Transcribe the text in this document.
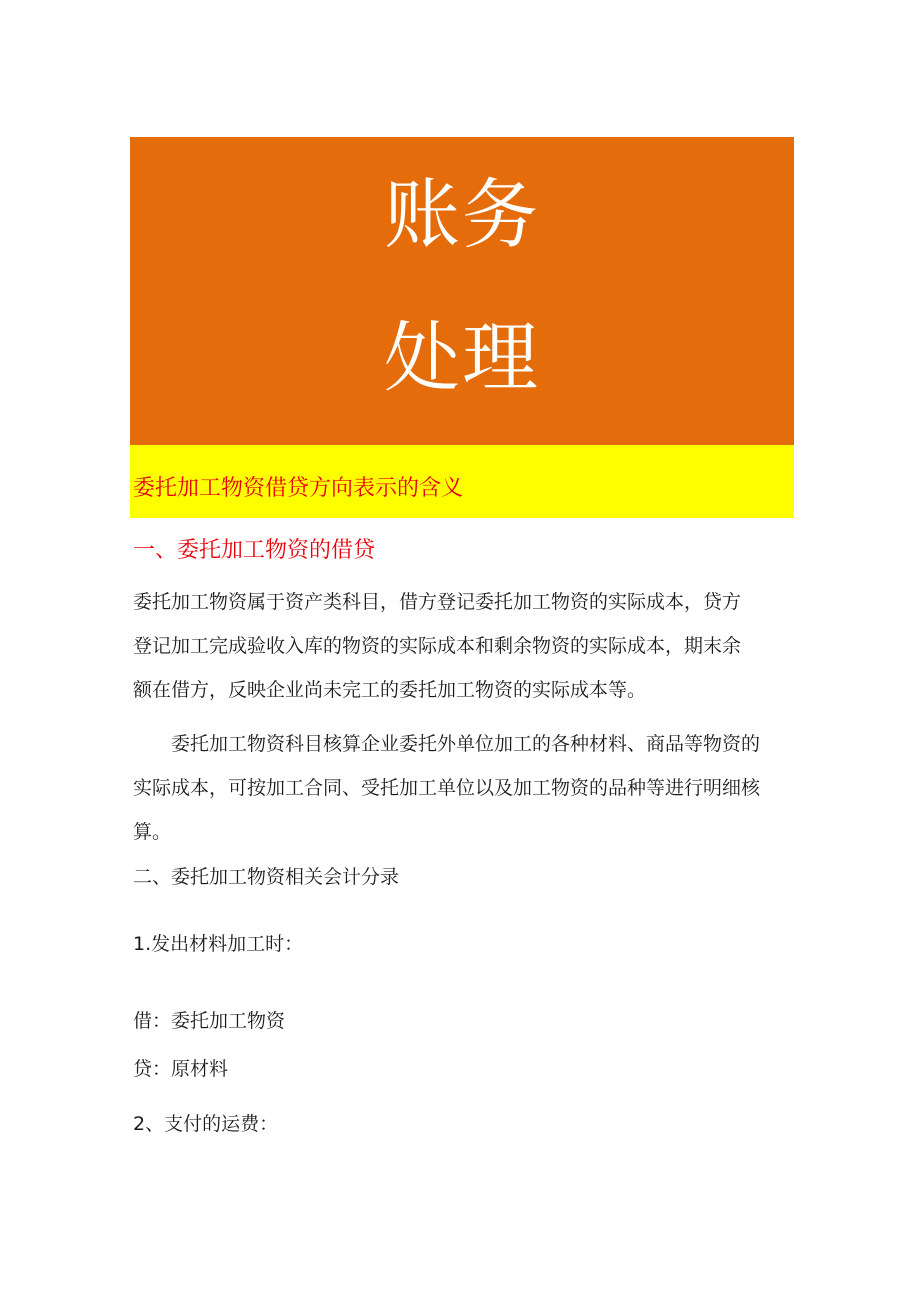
账务
处理
委托加工物资借贷方向表示的含义
一、委托加工物资的借贷
委托加工物资属于资产类科目，借方登记委托加工物资的实际成本，贷方
登记加工完成验收入库的物资的实际成本和剩余物资的实际成本，期末余
额在借方，反映企业尚未完工的委托加工物资的实际成本等。
委托加工物资科目核算企业委托外单位加工的各种材料、商品等物资的
实际成本，可按加工合同、受托加工单位以及加工物资的品种等进行明细核
算。
二、委托加工物资相关会计分录
1.发出材料加工时：
借：委托加工物资
贷：原材料
2、支付的运费：
